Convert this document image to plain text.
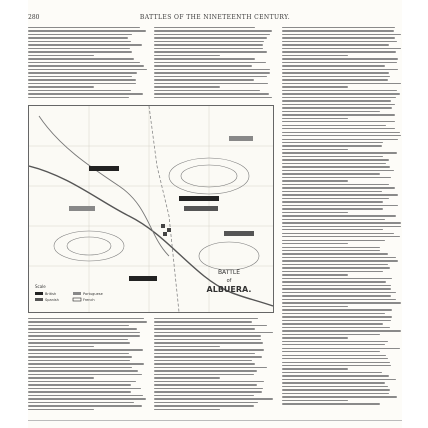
280	BATTLES OF THE NINETEENTH CENTURY.
BATTLE
of
ALBUERA.
Scale
British
Spanish
Portuguese
French
